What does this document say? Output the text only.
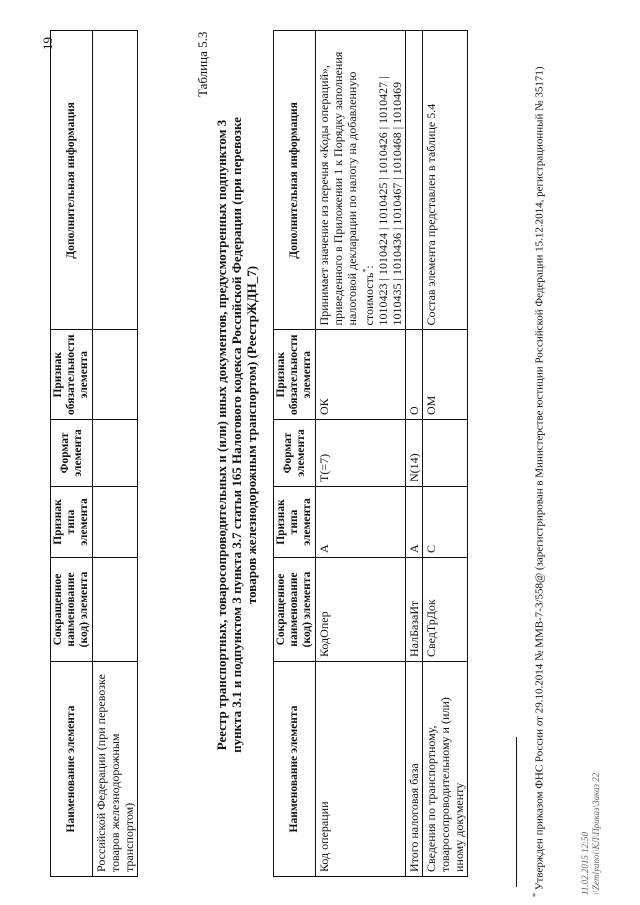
19
Наименование элемента	Сокращенное наименование (код) элемента	Признак типа элемента	Формат элемента	Признак обязательности элемента	Дополнительная информация
Российской Федерации (при перевозке товаров железнодорожным транспортом)					
Таблица 5.3
Реестр транспортных, товаросопроводительных и (или) иных документов, предусмотренных подпунктом 3 пункта 3.1 и подпунктом 3 пункта 3.7 статьи 165 Налогового кодекса Российской Федерации (при перевозке товаров железнодорожным транспортом) (РеестрЖДН_7)
Наименование элемента	Сокращенное наименование (код) элемента	Признак типа элемента	Формат элемента	Признак обязательности элемента	Дополнительная информация
Код операции	КодОпер	А	T(=7)	ОК	Принимает значение из перечня «Коды операций», приведенного в Приложении 1 к Порядку заполнения налоговой декларации по налогу на добавленную стоимость*:
1010423 | 1010424 | 1010425 | 1010426 | 1010427 | 1010435 | 1010436 | 1010467 | 1010468 | 1010469
Итого налоговая база	НалБазаИт	А	N(14)	О	
Сведения по транспортному, товаросопроводительному и (или) иному документу	СведТрДок	С		ОМ	Состав элемента представлен в таблице 5.4
* Утвержден приказом ФНС России от 29.10.2014 № ММВ-7-3/558@ (зарегистрирован в Министерстве юстиции Российской Федерации 15.12.2014, регистрационный № 35171)	11.02.2015 12:50 \\Zemlyanoi\КЛ\Приказ\Заказ 22
